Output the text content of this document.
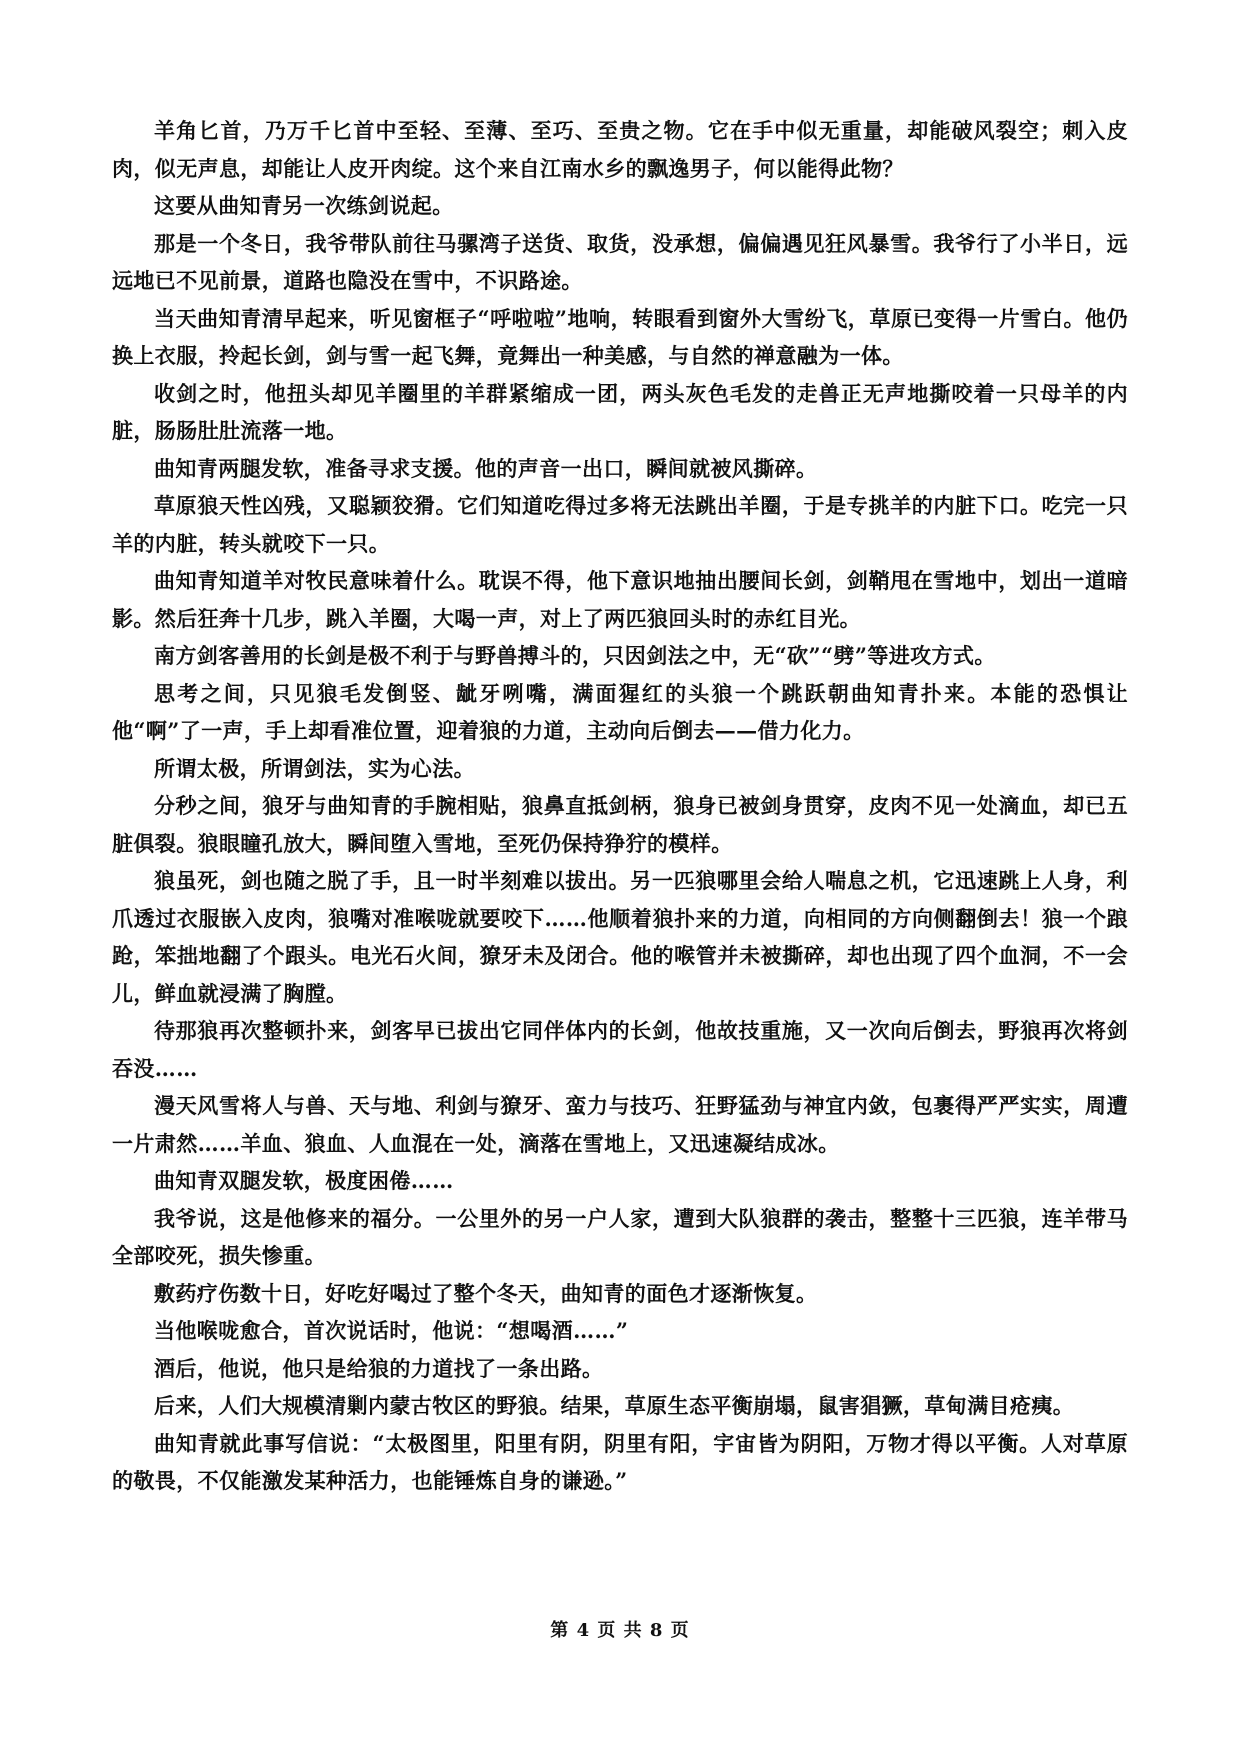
羊角匕首，乃万千匕首中至轻、至薄、至巧、至贵之物。它在手中似无重量，却能破风裂空；刺入皮肉，似无声息，却能让人皮开肉绽。这个来自江南水乡的飘逸男子，何以能得此物？

这要从曲知青另一次练剑说起。

那是一个冬日，我爷带队前往马骡湾子送货、取货，没承想，偏偏遇见狂风暴雪。我爷行了小半日，远远地已不见前景，道路也隐没在雪中，不识路途。

当天曲知青清早起来，听见窗框子“呼啦啦”地响，转眼看到窗外大雪纷飞，草原已变得一片雪白。他仍换上衣服，拎起长剑，剑与雪一起飞舞，竟舞出一种美感，与自然的禅意融为一体。

收剑之时，他扭头却见羊圈里的羊群紧缩成一团，两头灰色毛发的走兽正无声地撕咬着一只母羊的内脏，肠肠肚肚流落一地。

曲知青两腿发软，准备寻求支援。他的声音一出口，瞬间就被风撕碎。

草原狼天性凶残，又聪颖狡猾。它们知道吃得过多将无法跳出羊圈，于是专挑羊的内脏下口。吃完一只羊的内脏，转头就咬下一只。

曲知青知道羊对牧民意味着什么。耽误不得，他下意识地抽出腰间长剑，剑鞘甩在雪地中，划出一道暗影。然后狂奔十几步，跳入羊圈，大喝一声，对上了两匹狼回头时的赤红目光。

南方剑客善用的长剑是极不利于与野兽搏斗的，只因剑法之中，无“砍”“劈”等进攻方式。

思考之间，只见狼毛发倒竖、龇牙咧嘴，满面猩红的头狼一个跳跃朝曲知青扑来。本能的恐惧让他“啊”了一声，手上却看准位置，迎着狼的力道，主动向后倒去——借力化力。

所谓太极，所谓剑法，实为心法。

分秒之间，狼牙与曲知青的手腕相贴，狼鼻直抵剑柄，狼身已被剑身贯穿，皮肉不见一处滴血，却已五脏俱裂。狼眼瞳孔放大，瞬间堕入雪地，至死仍保持狰狞的模样。

狼虽死，剑也随之脱了手，且一时半刻难以拔出。另一匹狼哪里会给人喘息之机，它迅速跳上人身，利爪透过衣服嵌入皮肉，狼嘴对准喉咙就要咬下……他顺着狼扑来的力道，向相同的方向侧翻倒去！狼一个踉跄，笨拙地翻了个跟头。电光石火间，獠牙未及闭合。他的喉管并未被撕碎，却也出现了四个血洞，不一会儿，鲜血就浸满了胸膛。

待那狼再次整顿扑来，剑客早已拔出它同伴体内的长剑，他故技重施，又一次向后倒去，野狼再次将剑吞没……

漫天风雪将人与兽、天与地、利剑与獠牙、蛮力与技巧、狂野猛劲与神宜内敛，包裹得严严实实，周遭一片肃然……羊血、狼血、人血混在一处，滴落在雪地上，又迅速凝结成冰。

曲知青双腿发软，极度困倦……

我爷说，这是他修来的福分。一公里外的另一户人家，遭到大队狼群的袭击，整整十三匹狼，连羊带马全部咬死，损失惨重。

敷药疗伤数十日，好吃好喝过了整个冬天，曲知青的面色才逐渐恢复。

当他喉咙愈合，首次说话时，他说：“想喝酒……”

酒后，他说，他只是给狼的力道找了一条出路。

后来，人们大规模清剿内蒙古牧区的野狼。结果，草原生态平衡崩塌，鼠害猖獗，草甸满目疮痍。

曲知青就此事写信说：“太极图里，阳里有阴，阴里有阳，宇宙皆为阴阳，万物才得以平衡。人对草原的敬畏，不仅能激发某种活力，也能锤炼自身的谦逊。”

第 4 页 共 8 页
